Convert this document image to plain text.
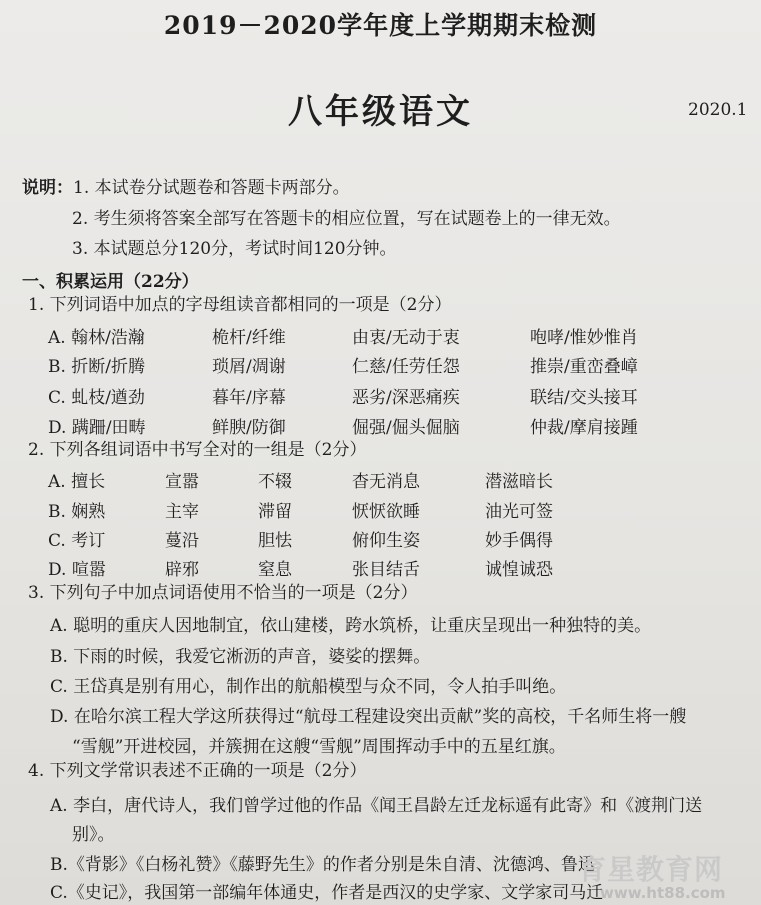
2019－2020学年度上学期期末检测
八年级语文	2020.1
说明：1. 本试卷分试题卷和答题卡两部分。
2. 考生须将答案全部写在答题卡的相应位置，写在试题卷上的一律无效。
3. 本试题总分120分，考试时间120分钟。
一、积累运用（22分）
1. 下列词语中加点的字母组读音都相同的一项是（2分）
A. 翰林/浩瀚	桅杆/纤维	由衷/无动于衷	咆哮/惟妙惟肖
B. 折断/折腾	琐屑/凋谢	仁慈/任劳任怨	推崇/重峦叠嶂
C. 虬枝/遒劲	暮年/序幕	恶劣/深恶痛疾	联结/交头接耳
D. 蹒跚/田畴	鲜腴/防御	倔强/倔头倔脑	仲裁/摩肩接踵
2. 下列各组词语中书写全对的一组是（2分）
A. 擅长	宣嚣	不辍	杳无消息	潜滋暗长
B. 娴熟	主宰	滞留	恹恹欲睡	油光可签
C. 考订	蔓沿	胆怯	俯仰生姿	妙手偶得
D. 喧嚣	辟邪	窒息	张目结舌	诚惶诚恐
3. 下列句子中加点词语使用不恰当的一项是（2分）
A. 聪明的重庆人因地制宜，依山建楼，跨水筑桥，让重庆呈现出一种独特的美。
B. 下雨的时候，我爱它淅沥的声音，婆娑的摆舞。
C. 王岱真是别有用心，制作出的航船模型与众不同，令人拍手叫绝。
D. 在哈尔滨工程大学这所获得过“航母工程建设突出贡献”奖的高校，千名师生将一艘
“雪舰”开进校园，并簇拥在这艘“雪舰”周围挥动手中的五星红旗。
4. 下列文学常识表述不正确的一项是（2分）
A. 李白，唐代诗人，我们曾学过他的作品《闻王昌龄左迁龙标遥有此寄》和《渡荆门送
别》。
B.《背影》《白杨礼赞》《藤野先生》的作者分别是朱自清、沈德鸿、鲁迅
C.《史记》，我国第一部编年体通史，作者是西汉的史学家、文学家司马迁
育星教育网
www.ht88.com
